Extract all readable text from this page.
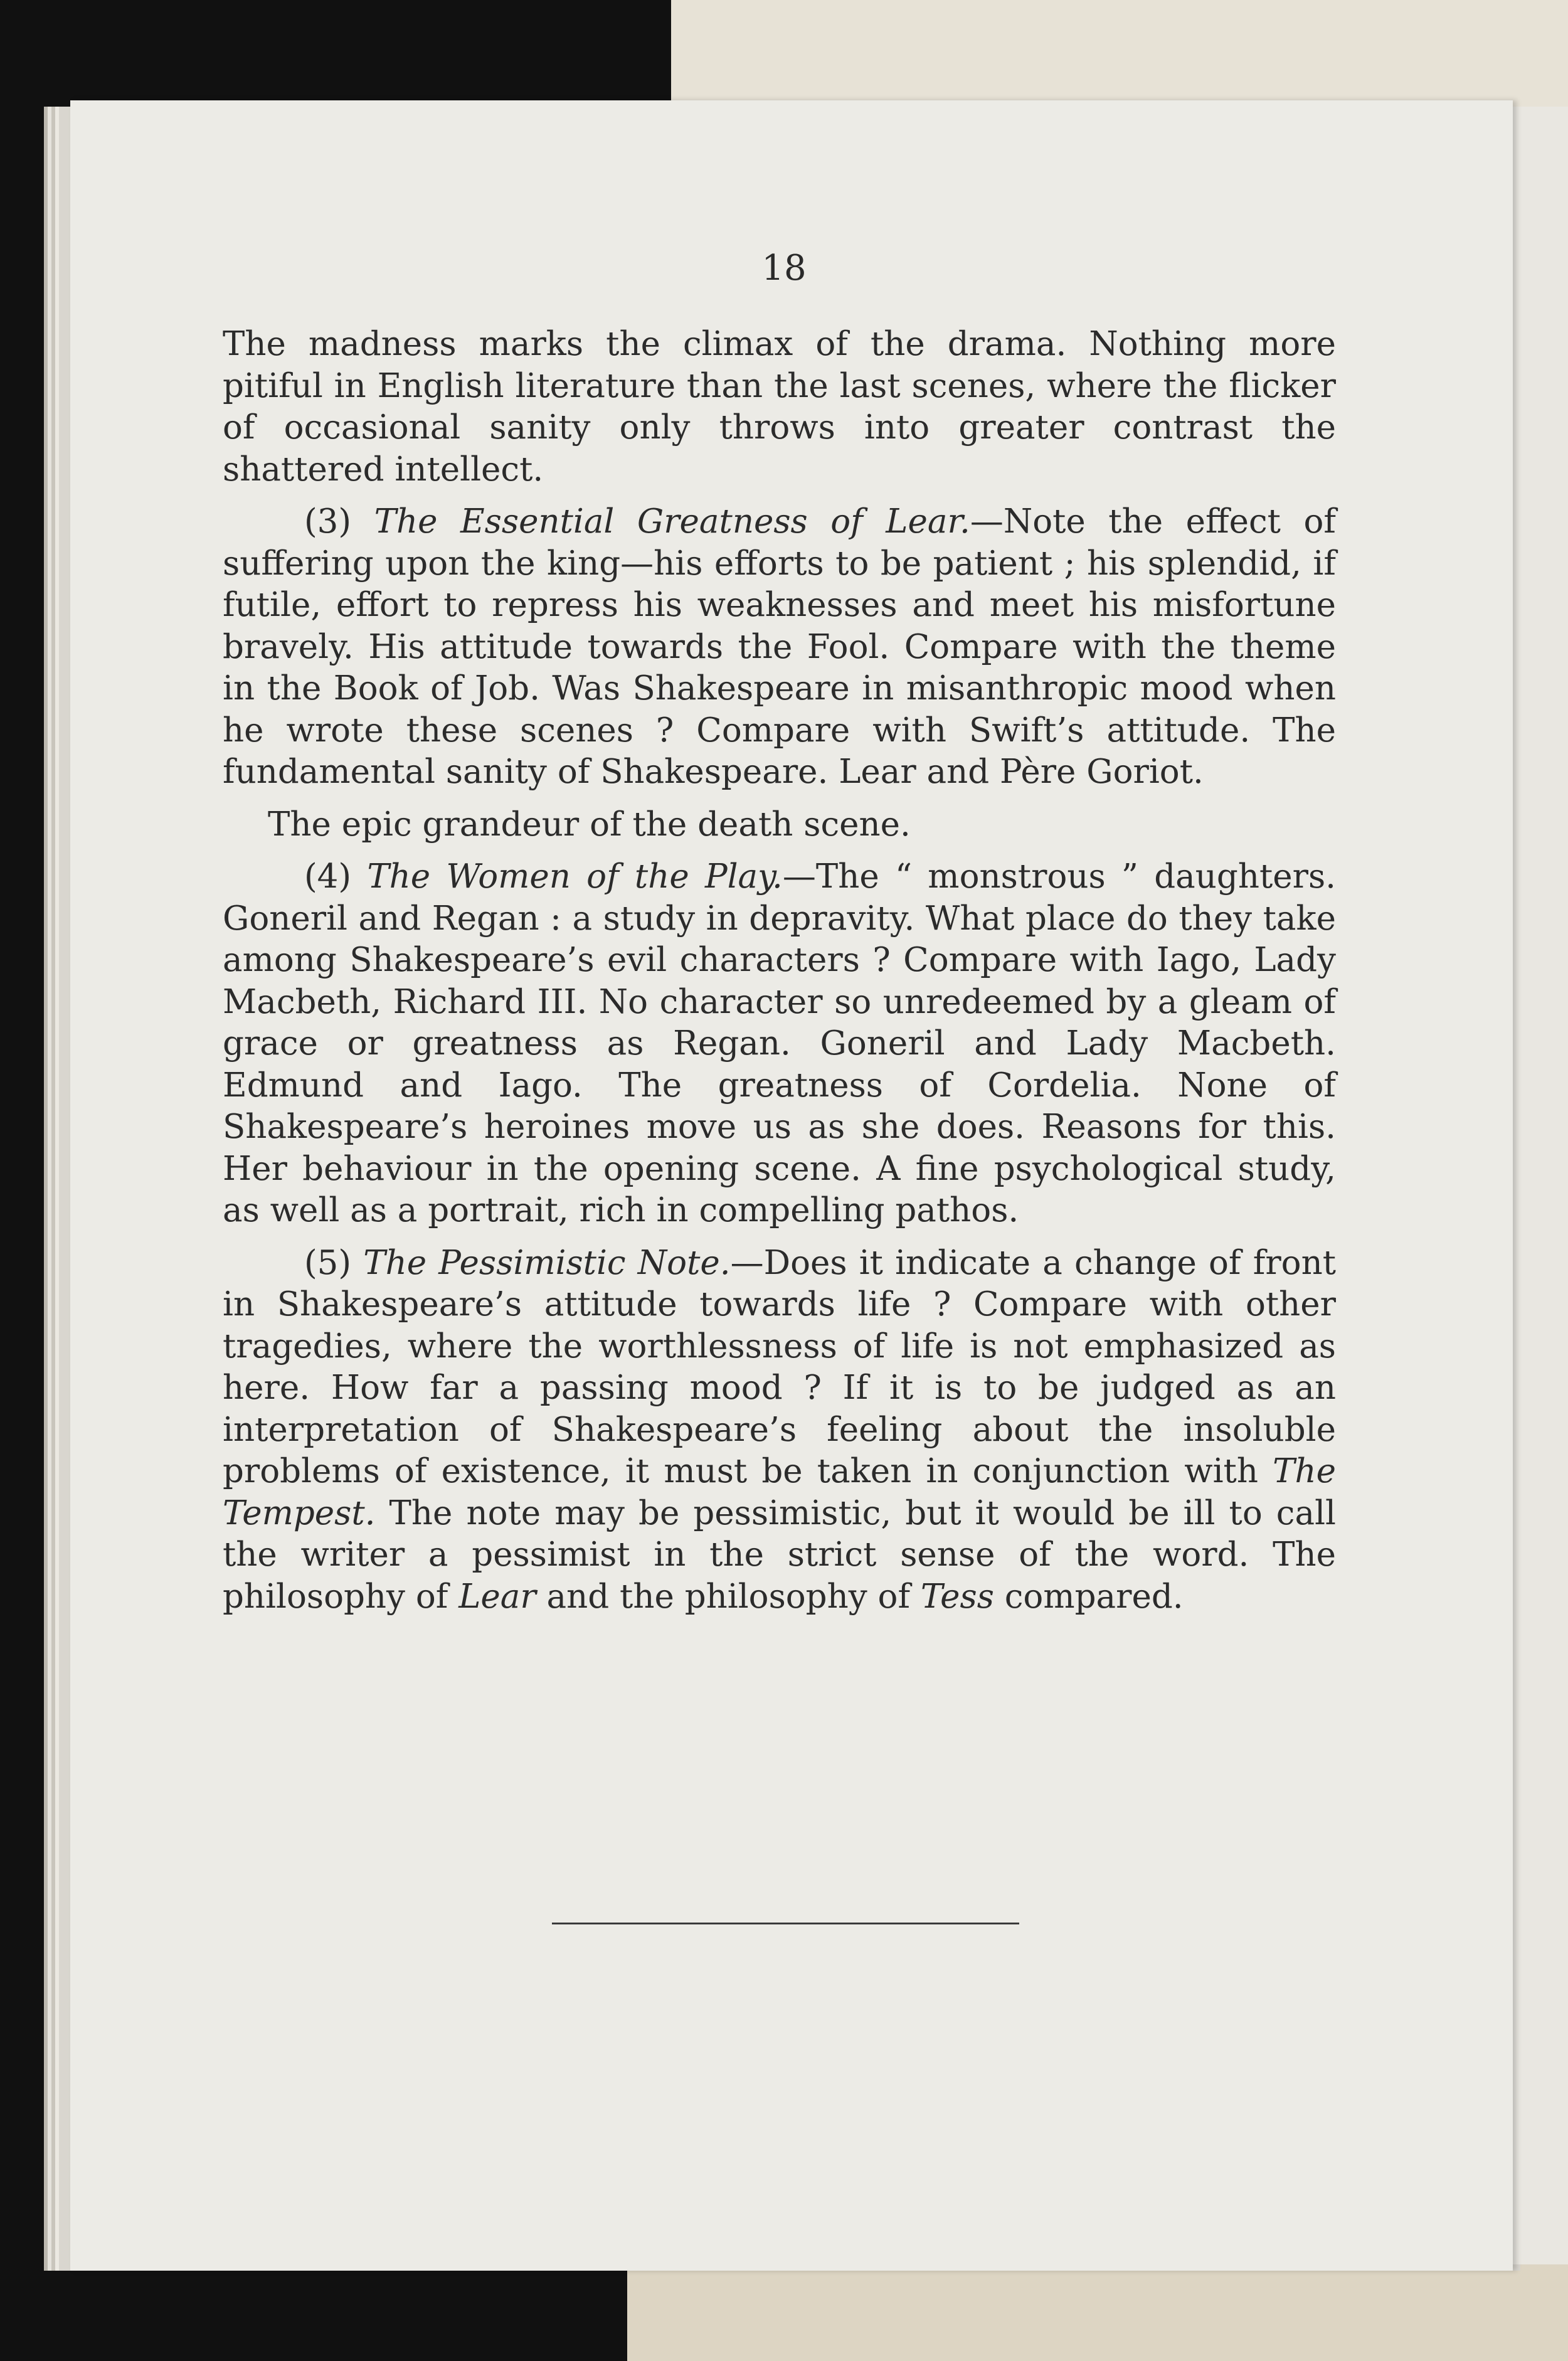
18

The madness marks the climax of the drama. Nothing more pitiful in English literature than the last scenes, where the flicker of occasional sanity only throws into greater contrast the shattered intellect.

(3) The Essential Greatness of Lear.—Note the effect of suffering upon the king—his efforts to be patient ; his splendid, if futile, effort to repress his weaknesses and meet his misfortune bravely. His attitude towards the Fool. Compare with the theme in the Book of Job. Was Shakespeare in misanthropic mood when he wrote these scenes ? Compare with Swift’s attitude. The fundamental sanity of Shakespeare. Lear and Père Goriot.

The epic grandeur of the death scene.

(4) The Women of the Play.—The “ monstrous ” daughters. Goneril and Regan : a study in depravity. What place do they take among Shakespeare’s evil characters ? Compare with Iago, Lady Macbeth, Richard III. No character so unredeemed by a gleam of grace or greatness as Regan. Goneril and Lady Macbeth. Edmund and Iago. The greatness of Cordelia. None of Shakespeare’s heroines move us as she does. Reasons for this. Her behaviour in the opening scene. A fine psychological study, as well as a portrait, rich in compelling pathos.

(5) The Pessimistic Note.—Does it indicate a change of front in Shakespeare’s attitude towards life ? Compare with other tragedies, where the worthlessness of life is not emphasized as here. How far a passing mood ? If it is to be judged as an interpretation of Shakespeare’s feeling about the insoluble problems of existence, it must be taken in conjunction with The Tempest. The note may be pessimistic, but it would be ill to call the writer a pessimist in the strict sense of the word. The philosophy of Lear and the philosophy of Tess compared.
